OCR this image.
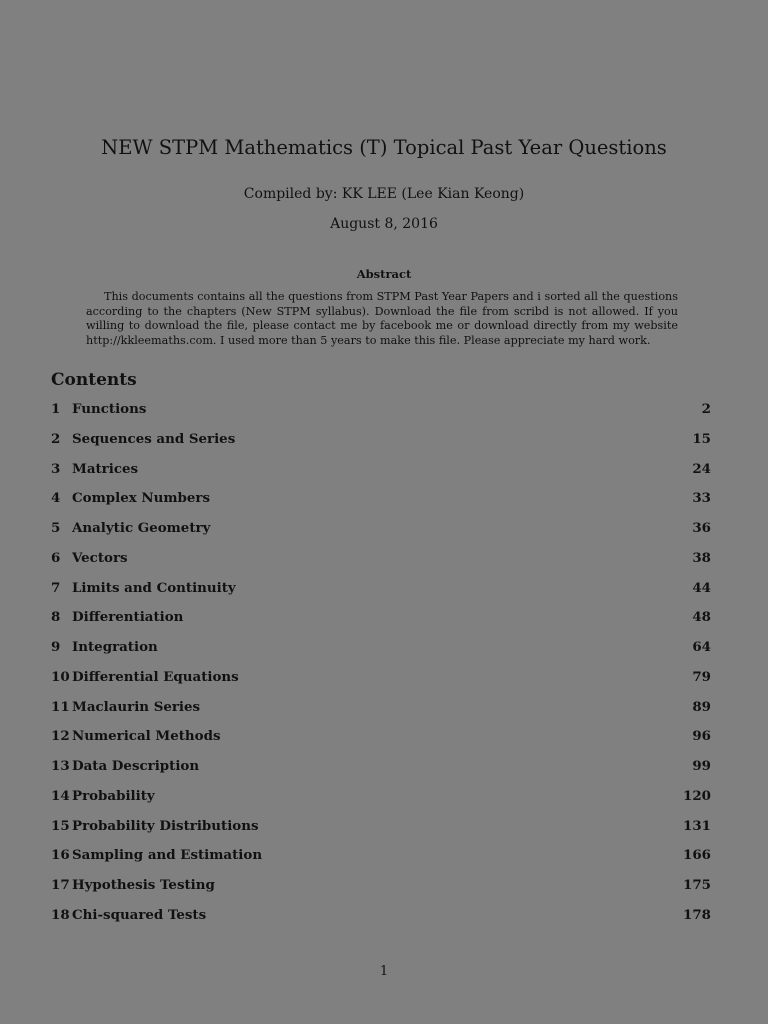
NEW STPM Mathematics (T) Topical Past Year Questions
Compiled by: KK LEE (Lee Kian Keong)
August 8, 2016
Abstract

This documents contains all the questions from STPM Past Year Papers and i sorted all the questions according to the chapters (New STPM syllabus). Download the file from scribd is not allowed. If you willing to download the file, please contact me by facebook me or download directly from my website http://kkleemaths.com. I used more than 5 years to make this file. Please appreciate my hard work.

Contents
1 Functions	2
2 Sequences and Series	15
3 Matrices	24
4 Complex Numbers	33
5 Analytic Geometry	36
6 Vectors	38
7 Limits and Continuity	44
8 Differentiation	48
9 Integration	64
10 Differential Equations	79
11 Maclaurin Series	89
12 Numerical Methods	96
13 Data Description	99
14 Probability	120
15 Probability Distributions	131
16 Sampling and Estimation	166
17 Hypothesis Testing	175
18 Chi-squared Tests	178
1
